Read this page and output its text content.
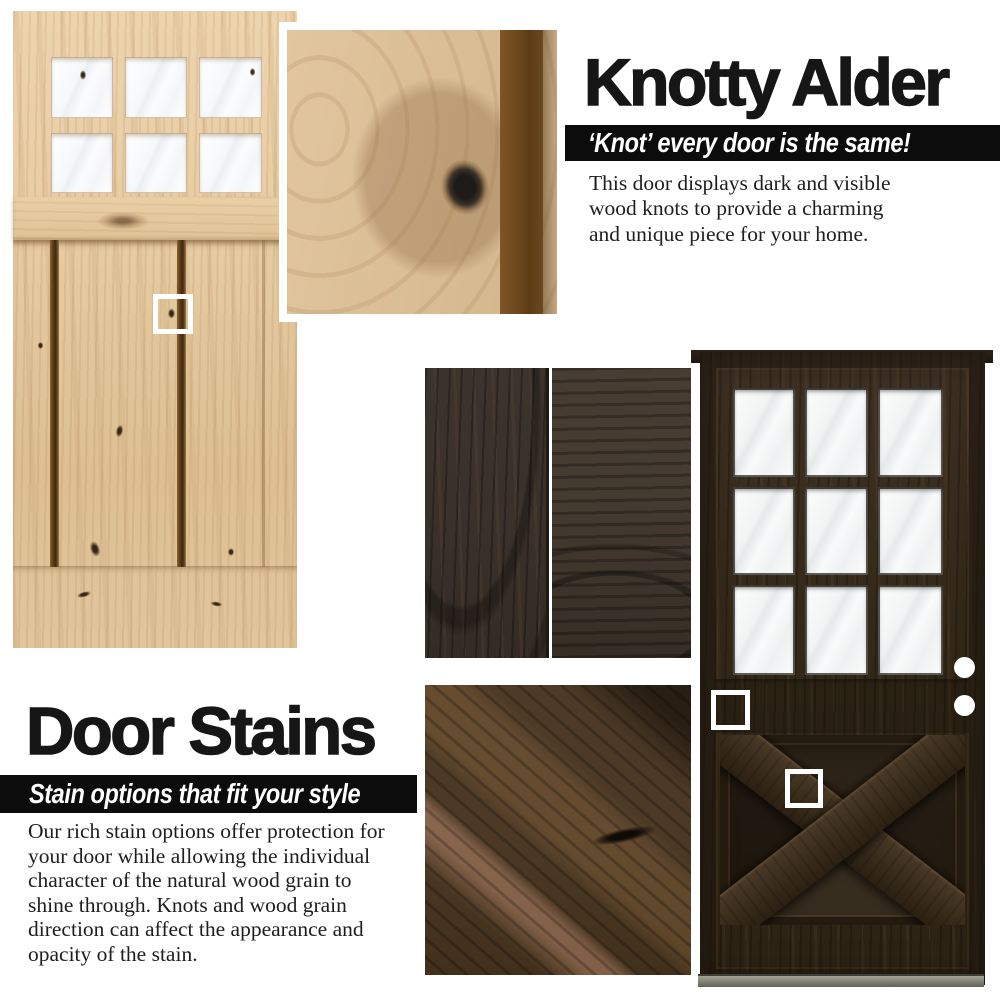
Knotty Alder
‘Knot’ every door is the same!
This door displays dark and visible
wood knots to provide a charming
and unique piece for your home.
Door Stains
Stain options that fit your style
Our rich stain options offer protection for
your door while allowing the individual
character of the natural wood grain to
shine through. Knots and wood grain
direction can affect the appearance and
opacity of the stain.
